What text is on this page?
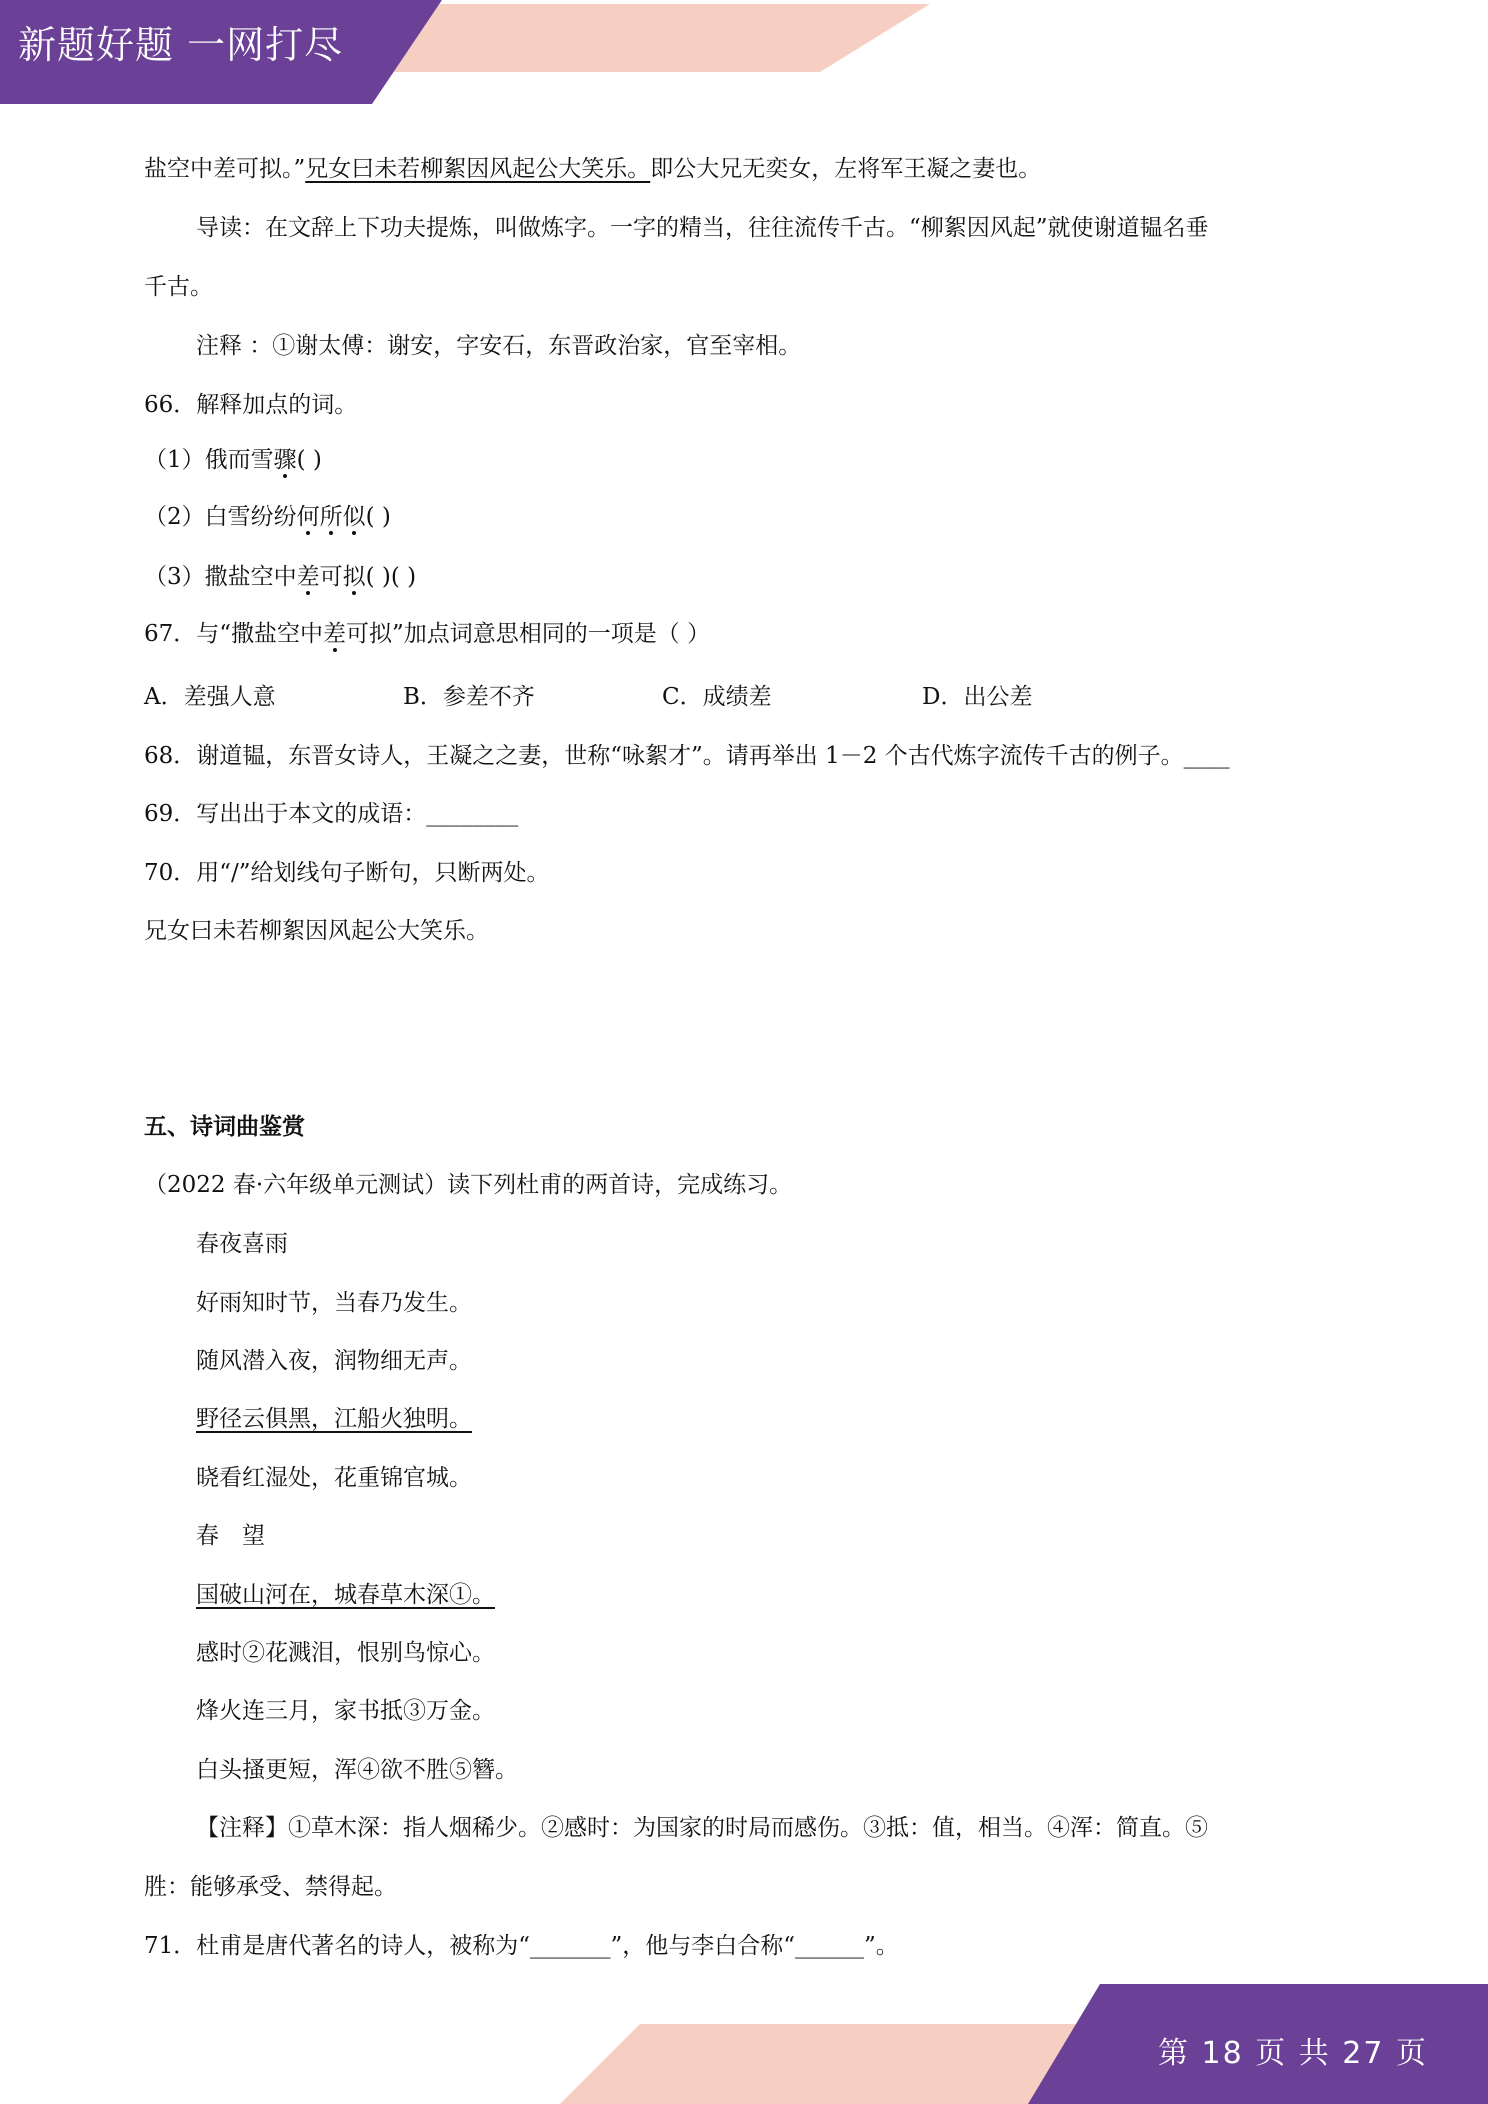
新题好题 一网打尽
第 18 页 共 27 页
盐空中差可拟。”兄女曰未若柳絮因风起公大笑乐。即公大兄无奕女，左将军王凝之妻也。
导读：在文辞上下功夫提炼，叫做炼字。一字的精当，往往流传千古。“柳絮因风起”就使谢道韫名垂
千古。
注释 ：①谢太傅：谢安，字安石，东晋政治家，官至宰相。
66．解释加点的词。
（1）俄而雪骤( )
（2）白雪纷纷何所似( )
（3）撒盐空中差可拟( )( )
67．与“撒盐空中差可拟”加点词意思相同的一项是（ ）
A．差强人意	B．参差不齐	C．成绩差	D．出公差
68．谢道韫，东晋女诗人，王凝之之妻，世称“咏絮才”。请再举出 1－2 个古代炼字流传千古的例子。____
69．写出出于本文的成语：________
70．用“/”给划线句子断句，只断两处。
兄女曰未若柳絮因风起公大笑乐。
五、诗词曲鉴赏
（2022 春·六年级单元测试）读下列杜甫的两首诗，完成练习。
春夜喜雨
好雨知时节，当春乃发生。
随风潜入夜，润物细无声。
野径云俱黑，江船火独明。
晓看红湿处，花重锦官城。
春　望
国破山河在，城春草木深①。
感时②花溅泪，恨别鸟惊心。
烽火连三月，家书抵③万金。
白头搔更短，浑④欲不胜⑤簪。
【注释】①草木深：指人烟稀少。②感时：为国家的时局而感伤。③抵：值，相当。④浑：简直。⑤
胜：能够承受、禁得起。
71．杜甫是唐代著名的诗人，被称为“_______”，他与李白合称“______”。
